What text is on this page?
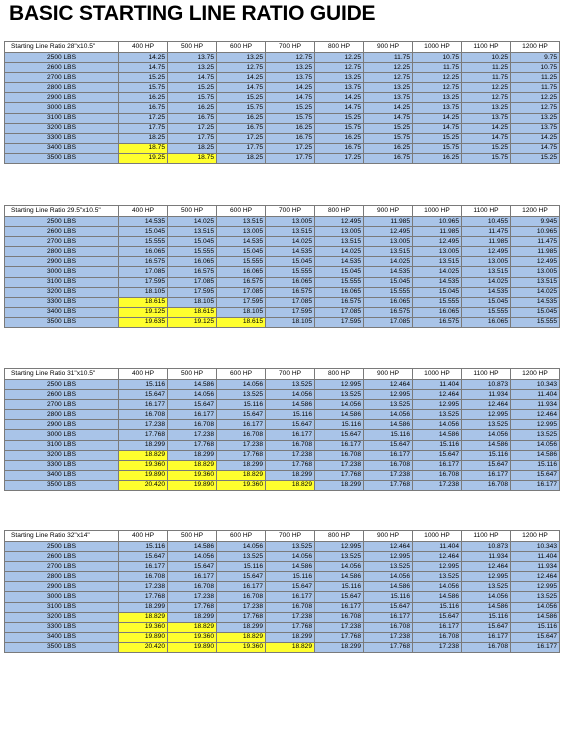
BASIC STARTING LINE RATIO GUIDE
Starting Line Ratio 28"x10.5"	400 HP	500 HP	600 HP	700 HP	800 HP	900 HP	1000 HP	1100 HP	1200 HP
2500 LBS	14.25	13.75	13.25	12.75	12.25	11.75	10.75	10.25	9.75
2600 LBS	14.75	13.25	12.75	13.25	12.75	12.25	11.75	11.25	10.75
2700 LBS	15.25	14.75	14.25	13.75	13.25	12.75	12.25	11.75	11.25
2800 LBS	15.75	15.25	14.75	14.25	13.75	13.25	12.75	12.25	11.75
2900 LBS	16.25	15.75	15.25	14.75	14.25	13.75	13.25	12.75	12.25
3000 LBS	16.75	16.25	15.75	15.25	14.75	14.25	13.75	13.25	12.75
3100 LBS	17.25	16.75	16.25	15.75	15.25	14.75	14.25	13.75	13.25
3200 LBS	17.75	17.25	16.75	16.25	15.75	15.25	14.75	14.25	13.75
3300 LBS	18.25	17.75	17.25	16.75	16.25	15.75	15.25	14.75	14.25
3400 LBS	18.75	18.25	17.75	17.25	16.75	16.25	15.75	15.25	14.75
3500 LBS	19.25	18.75	18.25	17.75	17.25	16.75	16.25	15.75	15.25
Starting Line Ratio 29.5"x10.5"	400 HP	500 HP	600 HP	700 HP	800 HP	900 HP	1000 HP	1100 HP	1200 HP
2500 LBS	14.535	14.025	13.515	13.005	12.495	11.985	10.965	10.455	9.945
2600 LBS	15.045	13.515	13.005	13.515	13.005	12.495	11.985	11.475	10.965
2700 LBS	15.555	15.045	14.535	14.025	13.515	13.005	12.495	11.985	11.475
2800 LBS	16.065	15.555	15.045	14.535	14.025	13.515	13.005	12.495	11.985
2900 LBS	16.575	16.065	15.555	15.045	14.535	14.025	13.515	13.005	12.495
3000 LBS	17.085	16.575	16.065	15.555	15.045	14.535	14.025	13.515	13.005
3100 LBS	17.595	17.085	16.575	16.065	15.555	15.045	14.535	14.025	13.515
3200 LBS	18.105	17.595	17.085	16.575	16.065	15.555	15.045	14.535	14.025
3300 LBS	18.615	18.105	17.595	17.085	16.575	16.065	15.555	15.045	14.535
3400 LBS	19.125	18.615	18.105	17.595	17.085	16.575	16.065	15.555	15.045
3500 LBS	19.635	19.125	18.615	18.105	17.595	17.085	16.575	16.065	15.555
Starting Line Ratio 31"x10.5"	400 HP	500 HP	600 HP	700 HP	800 HP	900 HP	1000 HP	1100 HP	1200 HP
2500 LBS	15.116	14.586	14.056	13.525	12.995	12.464	11.404	10.873	10.343
2600 LBS	15.647	14.056	13.525	14.056	13.525	12.995	12.464	11.934	11.404
2700 LBS	16.177	15.647	15.116	14.586	14.056	13.525	12.995	12.464	11.934
2800 LBS	16.708	16.177	15.647	15.116	14.586	14.056	13.525	12.995	12.464
2900 LBS	17.238	16.708	16.177	15.647	15.116	14.586	14.056	13.525	12.995
3000 LBS	17.768	17.238	16.708	16.177	15.647	15.116	14.586	14.056	13.525
3100 LBS	18.299	17.768	17.238	16.708	16.177	15.647	15.116	14.586	14.056
3200 LBS	18.829	18.299	17.768	17.238	16.708	16.177	15.647	15.116	14.586
3300 LBS	19.360	18.829	18.299	17.768	17.238	16.708	16.177	15.647	15.116
3400 LBS	19.890	19.360	18.829	18.299	17.768	17.238	16.708	16.177	15.647
3500 LBS	20.420	19.890	19.360	18.829	18.299	17.768	17.238	16.708	16.177
Starting Line Ratio 32"x14"	400 HP	500 HP	600 HP	700 HP	800 HP	900 HP	1000 HP	1100 HP	1200 HP
2500 LBS	15.116	14.586	14.056	13.525	12.995	12.464	11.404	10.873	10.343
2600 LBS	15.647	14.056	13.525	14.056	13.525	12.995	12.464	11.934	11.404
2700 LBS	16.177	15.647	15.116	14.586	14.056	13.525	12.995	12.464	11.934
2800 LBS	16.708	16.177	15.647	15.116	14.586	14.056	13.525	12.995	12.464
2900 LBS	17.238	16.708	16.177	15.647	15.116	14.586	14.056	13.525	12.995
3000 LBS	17.768	17.238	16.708	16.177	15.647	15.116	14.586	14.056	13.525
3100 LBS	18.299	17.768	17.238	16.708	16.177	15.647	15.116	14.586	14.056
3200 LBS	18.829	18.299	17.768	17.238	16.708	16.177	15.647	15.116	14.586
3300 LBS	19.360	18.829	18.299	17.768	17.238	16.708	16.177	15.647	15.116
3400 LBS	19.890	19.360	18.829	18.299	17.768	17.238	16.708	16.177	15.647
3500 LBS	20.420	19.890	19.360	18.829	18.299	17.768	17.238	16.708	16.177
